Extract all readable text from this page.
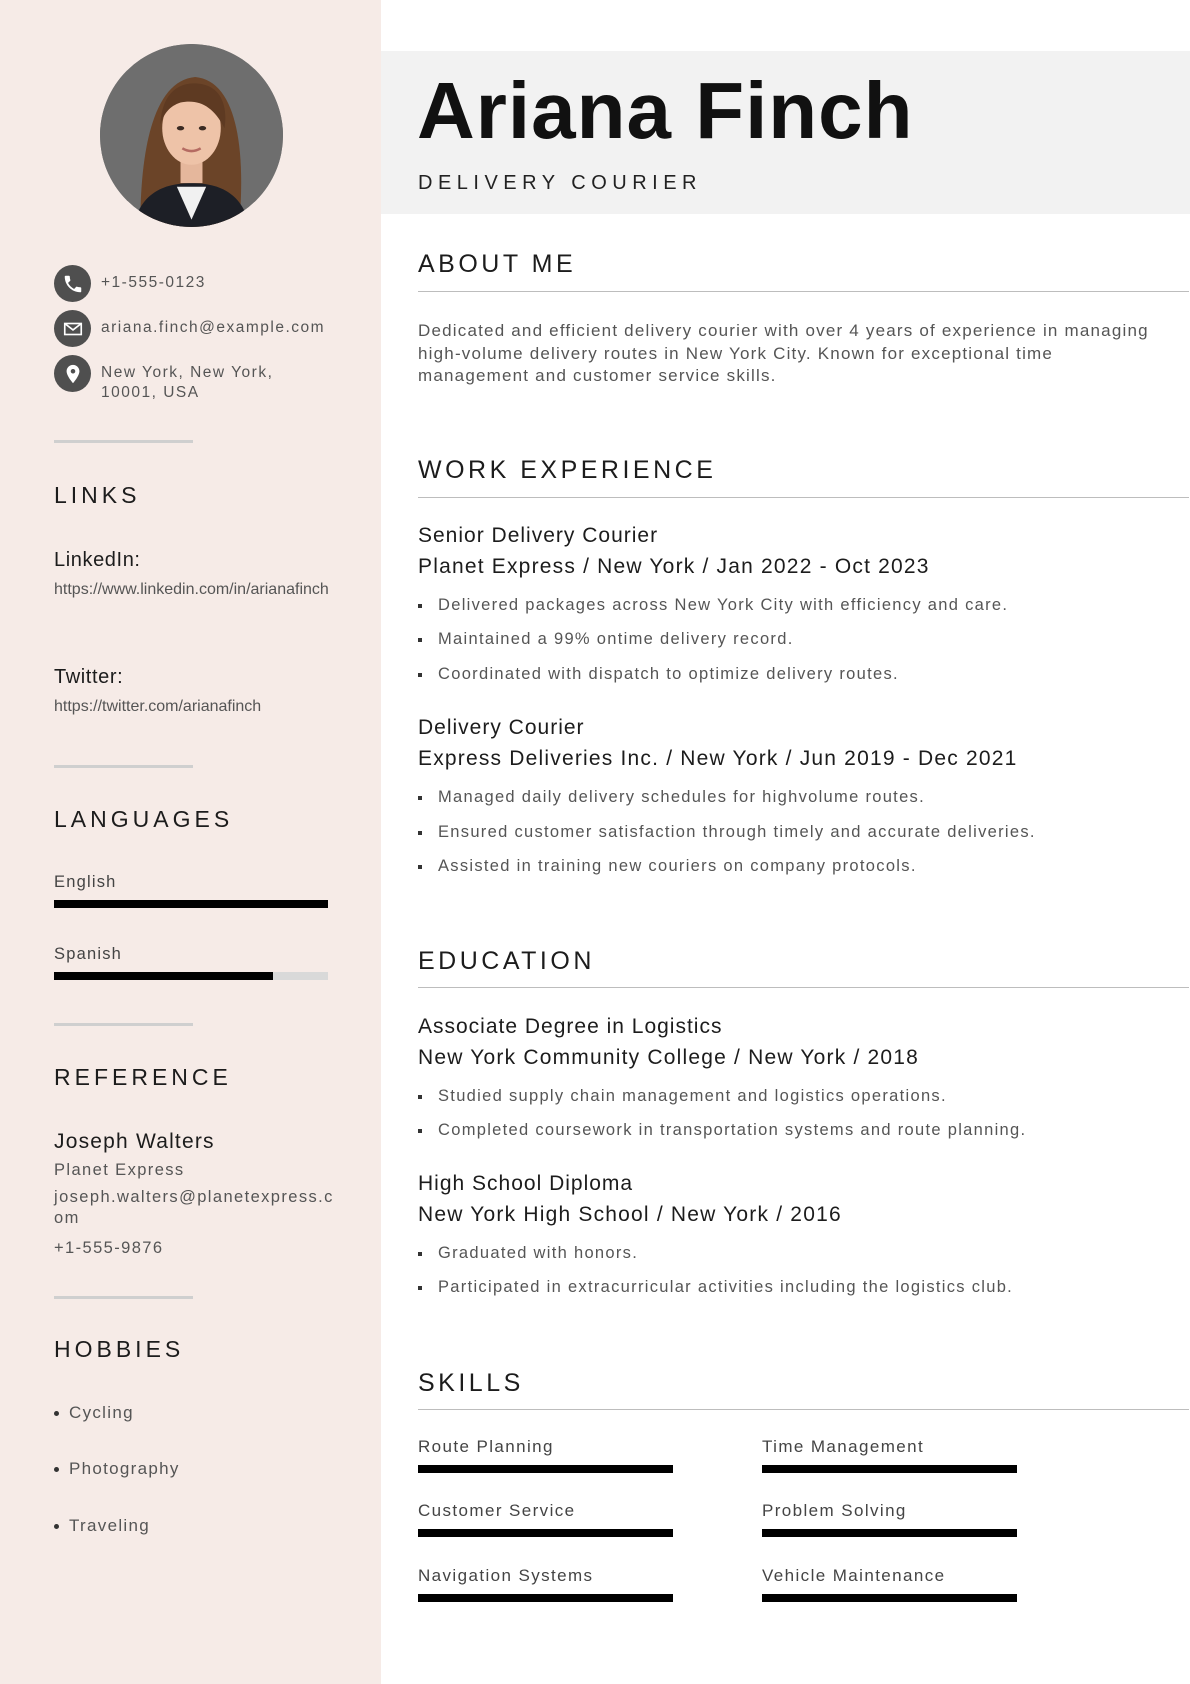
+1-555-0123
ariana.finch@example.com
New York, New York, 10001, USA
LINKS
LinkedIn:
https://www.linkedin.com/in/arianafinch
Twitter:
https://twitter.com/arianafinch
LANGUAGES
English
Spanish
REFERENCE
Joseph Walters
Planet Express
joseph.walters@planetexpress.com
+1-555-9876
HOBBIES
Cycling
Photography
Traveling
Ariana Finch
DELIVERY COURIER
ABOUT ME
Dedicated and efficient delivery courier with over 4 years of experience in managing high-volume delivery routes in New York City. Known for exceptional time management and customer service skills.
WORK EXPERIENCE
Senior Delivery Courier
Planet Express / New York / Jan 2022 - Oct 2023
Delivered packages across New York City with efficiency and care.
Maintained a 99% ontime delivery record.
Coordinated with dispatch to optimize delivery routes.
Delivery Courier
Express Deliveries Inc. / New York / Jun 2019 - Dec 2021
Managed daily delivery schedules for highvolume routes.
Ensured customer satisfaction through timely and accurate deliveries.
Assisted in training new couriers on company protocols.
EDUCATION
Associate Degree in Logistics
New York Community College / New York / 2018
Studied supply chain management and logistics operations.
Completed coursework in transportation systems and route planning.
High School Diploma
New York High School / New York / 2016
Graduated with honors.
Participated in extracurricular activities including the logistics club.
SKILLS
Route Planning	Time Management
Customer Service	Problem Solving
Navigation Systems	Vehicle Maintenance
